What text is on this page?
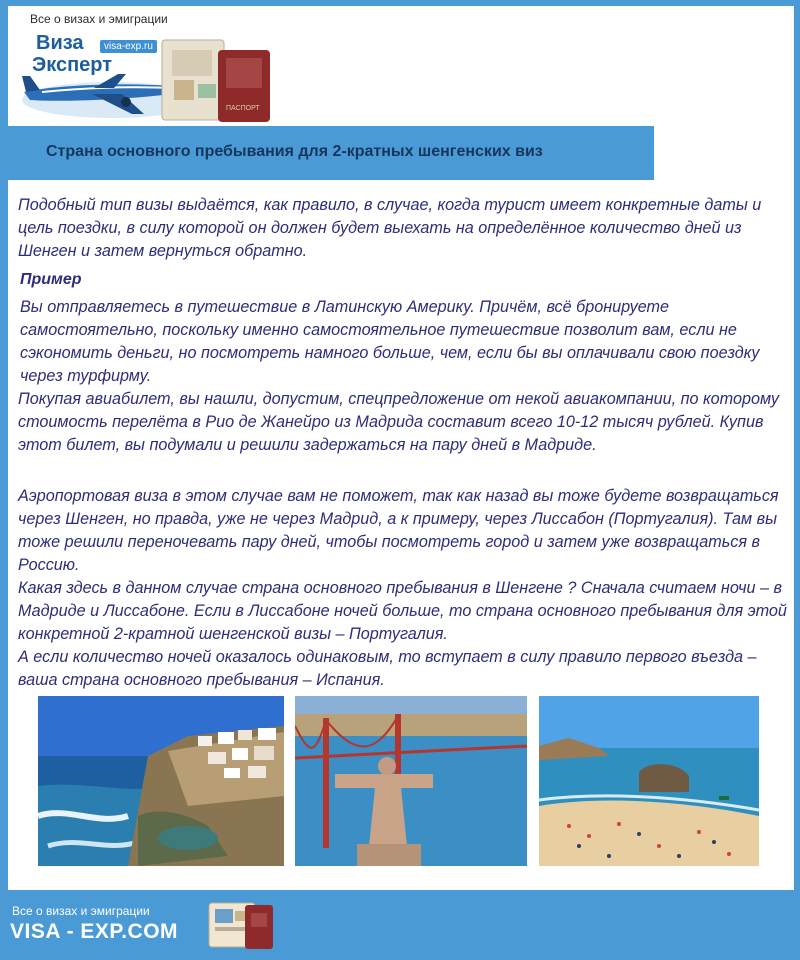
Все о визах и эмиграции
ПАСПОРТ
Виза
Эксперт
visa-exp.ru
Страна основного пребывания для 2-кратных шенгенских виз

Подобный тип визы выдаётся, как правило, в случае, когда турист имеет конкретные даты и цель поездки, в силу которой он должен будет выехать на определённое количество дней из Шенген и затем вернуться обратно.

Пример

Вы отправляетесь в путешествие в Латинскую Америку. Причём, всё бронируете самостоятельно, поскольку именно самостоятельное путешествие позволит вам, если не сэкономить деньги, но посмотреть намного больше, чем, если бы вы оплачивали свою поездку через турфирму.

Покупая авиабилет, вы нашли, допустим, спецпредложение от некой авиакомпании, по которому стоимость перелёта в Рио де Жанейро из Мадрида составит всего 10-12 тысяч рублей. Купив этот билет, вы подумали и решили задержаться на пару дней в Мадриде.

Аэропортовая виза в этом случае вам не поможет, так как назад вы тоже будете возвращаться через Шенген, но правда, уже не через Мадрид, а к примеру, через Лиссабон (Португалия). Там вы тоже решили переночевать пару дней, чтобы посмотреть город и затем уже возвращаться в Россию.

Какая здесь в данном случае страна основного пребывания в Шенгене ? Сначала считаем ночи – в Мадриде и Лиссабоне. Если в Лиссабоне ночей больше, то страна основного пребывания для этой конкретной 2-кратной шенгенской визы – Португалия.

А если количество ночей оказалось одинаковым, то вступает в силу правило первого въезда – ваша страна основного пребывания – Испания.

Все о визах и эмиграции
VISA - EXP.COM
